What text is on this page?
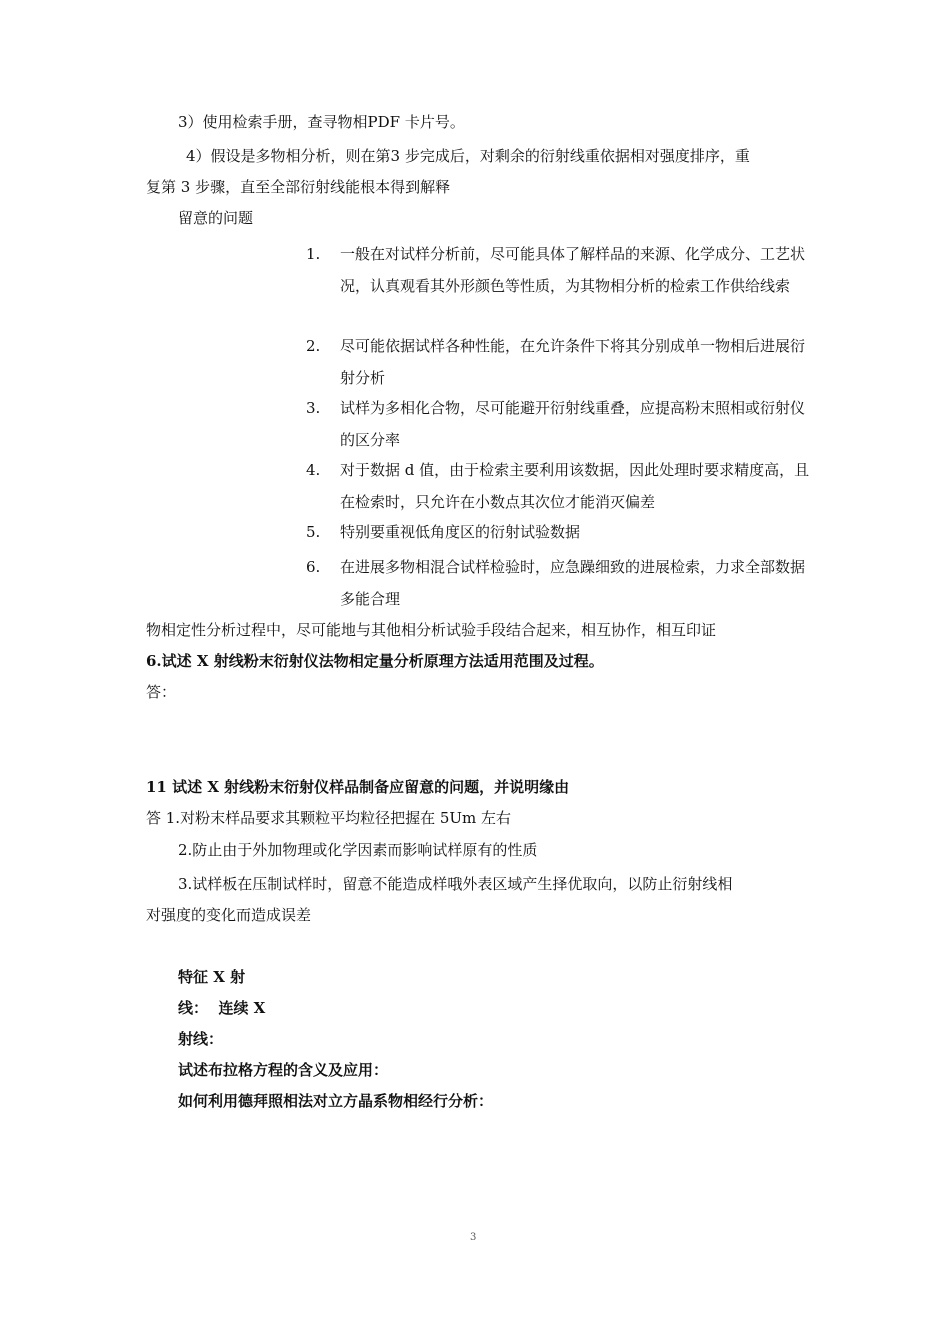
3）使用检索手册，查寻物相PDF 卡片号。
4）假设是多物相分析，则在第3 步完成后，对剩余的衍射线重依据相对强度排序，重
复第 3 步骤，直至全部衍射线能根本得到解释
留意的问题
1.	一般在对试样分析前，尽可能具体了解样品的来源、化学成分、工艺状况，认真观看其外形颜色等性质，为其物相分析的检索工作供给线索
2.	尽可能依据试样各种性能，在允许条件下将其分别成单一物相后进展衍射分析
3.	试样为多相化合物，尽可能避开衍射线重叠，应提高粉末照相或衍射仪的区分率
4.	对于数据 d 值，由于检索主要利用该数据，因此处理时要求精度高，且在检索时，只允许在小数点其次位才能消灭偏差
5.	特别要重视低角度区的衍射试验数据
6.	在进展多物相混合试样检验时，应急躁细致的进展检索，力求全部数据多能合理
物相定性分析过程中，尽可能地与其他相分析试验手段结合起来，相互协作，相互印证
6.试述 X 射线粉末衍射仪法物相定量分析原理方法适用范围及过程。
答：
11 试述 X 射线粉末衍射仪样品制备应留意的问题，并说明缘由
答 1.对粉末样品要求其颗粒平均粒径把握在 5Um 左右
2.防止由于外加物理或化学因素而影响试样原有的性质
3.试样板在压制试样时，留意不能造成样哦外表区域产生择优取向，以防止衍射线相
对强度的变化而造成误差
特征 X 射
线：  连续 X
射线：
试述布拉格方程的含义及应用：
如何利用德拜照相法对立方晶系物相经行分析：
3
